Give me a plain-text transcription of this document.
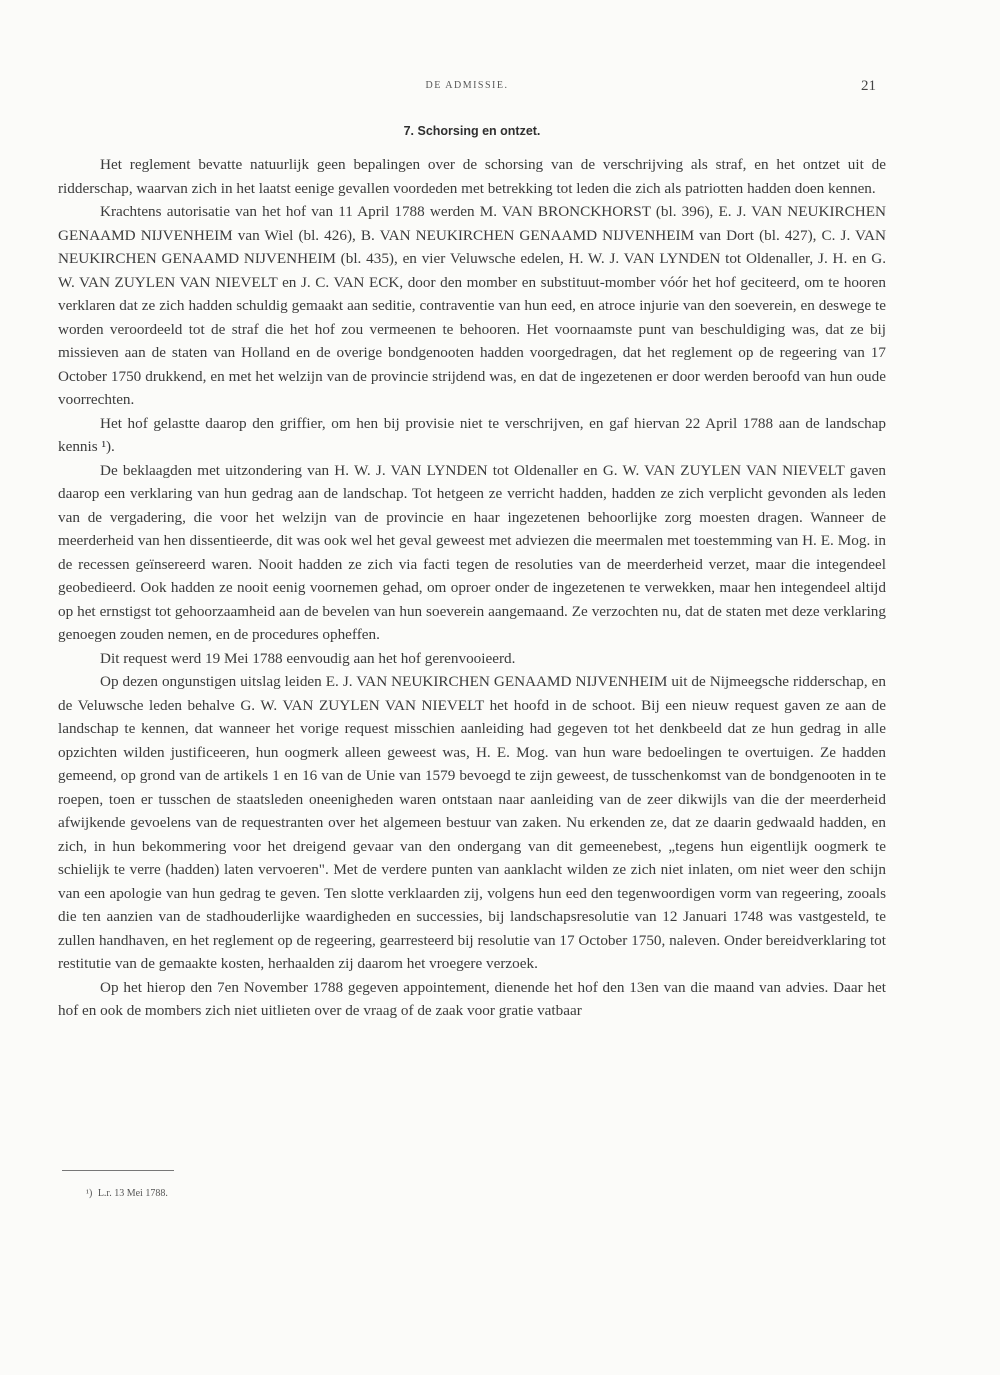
DE ADMISSIE.	21
7. Schorsing en ontzet.

Het reglement bevatte natuurlijk geen bepalingen over de schorsing van de verschrijving als straf, en het ontzet uit de ridderschap, waarvan zich in het laatst eenige gevallen voordeden met betrekking tot leden die zich als patriotten hadden doen kennen.

Krachtens autorisatie van het hof van 11 April 1788 werden M. VAN BRONCKHORST (bl. 396), E. J. VAN NEUKIRCHEN GENAAMD NIJVENHEIM van Wiel (bl. 426), B. VAN NEUKIRCHEN GENAAMD NIJVENHEIM van Dort (bl. 427), C. J. VAN NEUKIRCHEN GENAAMD NIJVENHEIM (bl. 435), en vier Veluwsche edelen, H. W. J. VAN LYNDEN tot Oldenaller, J. H. en G. W. VAN ZUYLEN VAN NIEVELT en J. C. VAN ECK, door den momber en substituut-momber vóór het hof geciteerd, om te hooren verklaren dat ze zich hadden schuldig gemaakt aan seditie, contraventie van hun eed, en atroce injurie van den soeverein, en deswege te worden veroordeeld tot de straf die het hof zou vermeenen te behooren. Het voornaamste punt van beschuldiging was, dat ze bij missieven aan de staten van Holland en de overige bondgenooten hadden voorgedragen, dat het reglement op de regeering van 17 October 1750 drukkend, en met het welzijn van de provincie strijdend was, en dat de ingezetenen er door werden beroofd van hun oude voorrechten.

Het hof gelastte daarop den griffier, om hen bij provisie niet te verschrijven, en gaf hiervan 22 April 1788 aan de landschap kennis ¹).

De beklaagden met uitzondering van H. W. J. VAN LYNDEN tot Oldenaller en G. W. VAN ZUYLEN VAN NIEVELT gaven daarop een verklaring van hun gedrag aan de landschap. Tot hetgeen ze verricht hadden, hadden ze zich verplicht gevonden als leden van de vergadering, die voor het welzijn van de provincie en haar ingezetenen behoorlijke zorg moesten dragen. Wanneer de meerderheid van hen dissentieerde, dit was ook wel het geval geweest met adviezen die meermalen met toestemming van H. E. Mog. in de recessen geïnsereerd waren. Nooit hadden ze zich via facti tegen de resoluties van de meerderheid verzet, maar die integendeel geobedieerd. Ook hadden ze nooit eenig voornemen gehad, om oproer onder de ingezetenen te verwekken, maar hen integendeel altijd op het ernstigst tot gehoorzaamheid aan de bevelen van hun soeverein aangemaand. Ze verzochten nu, dat de staten met deze verklaring genoegen zouden nemen, en de procedures opheffen.

Dit request werd 19 Mei 1788 eenvoudig aan het hof gerenvooieerd.

Op dezen ongunstigen uitslag leiden E. J. VAN NEUKIRCHEN GENAAMD NIJVENHEIM uit de Nijmeegsche ridderschap, en de Veluwsche leden behalve G. W. VAN ZUYLEN VAN NIEVELT het hoofd in de schoot. Bij een nieuw request gaven ze aan de landschap te kennen, dat wanneer het vorige request misschien aanleiding had gegeven tot het denkbeeld dat ze hun gedrag in alle opzichten wilden justificeeren, hun oogmerk alleen geweest was, H. E. Mog. van hun ware bedoelingen te overtuigen. Ze hadden gemeend, op grond van de artikels 1 en 16 van de Unie van 1579 bevoegd te zijn geweest, de tusschenkomst van de bondgenooten in te roepen, toen er tusschen de staatsleden oneenigheden waren ontstaan naar aanleiding van de zeer dikwijls van die der meerderheid afwijkende gevoelens van de requestranten over het algemeen bestuur van zaken. Nu erkenden ze, dat ze daarin gedwaald hadden, en zich, in hun bekommering voor het dreigend gevaar van den ondergang van dit gemeenebest, „tegens hun eigentlijk oogmerk te schielijk te verre (hadden) laten vervoeren". Met de verdere punten van aanklacht wilden ze zich niet inlaten, om niet weer den schijn van een apologie van hun gedrag te geven. Ten slotte verklaarden zij, volgens hun eed den tegenwoordigen vorm van regeering, zooals die ten aanzien van de stadhouderlijke waardigheden en successies, bij landschapsresolutie van 12 Januari 1748 was vastgesteld, te zullen handhaven, en het reglement op de regeering, gearresteerd bij resolutie van 17 October 1750, naleven. Onder bereidverklaring tot restitutie van de gemaakte kosten, herhaalden zij daarom het vroegere verzoek.

Op het hierop den 7en November 1788 gegeven appointement, dienende het hof den 13en van die maand van advies. Daar het hof en ook de mombers zich niet uitlieten over de vraag of de zaak voor gratie vatbaar

¹) L.r. 13 Mei 1788.
